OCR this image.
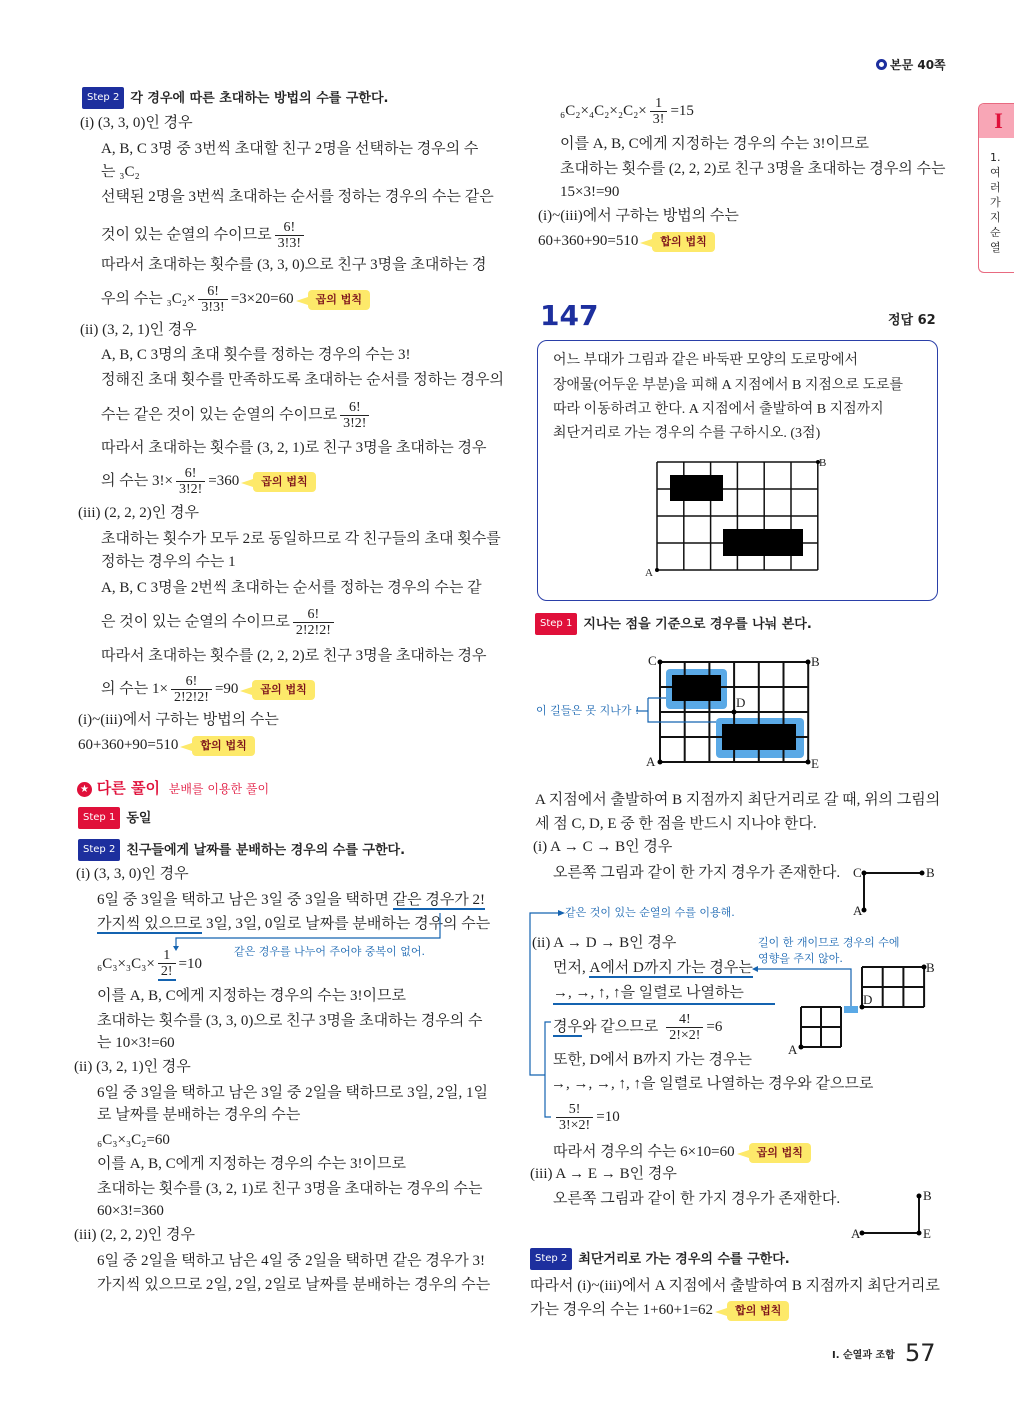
본문 40쪽
I
1. 여러 가지 순열
Step 2 각 경우에 따른 초대하는 방법의 수를 구한다.
(i) (3, 3, 0)인 경우
A, B, C 3명 중 3번씩 초대할 친구 2명을 선택하는 경우의 수
는 ₃C₂
선택된 2명을 3번씩 초대하는 순서를 정하는 경우의 수는 같은
것이 있는 순열의 수이므로 $\frac{6!}{3!3!}$
따라서 초대하는 횟수를 (3, 3, 0)으로 친구 3명을 초대하는 경
우의 수는 $_3C_2\times \frac{6!}{3!3!} =3\times 20=60$ 곱의 법칙
(ii) (3, 2, 1)인 경우
A, B, C 3명의 초대 횟수를 정하는 경우의 수는 3!
정해진 초대 횟수를 만족하도록 초대하는 순서를 정하는 경우의
수는 같은 것이 있는 순열의 수이므로 $\frac{6!}{3!2!}$
따라서 초대하는 횟수를 (3, 2, 1)로 친구 3명을 초대하는 경우
의 수는 $3!\times \frac{6!}{3!2!} =360$ 곱의 법칙
(iii) (2, 2, 2)인 경우
초대하는 횟수가 모두 2로 동일하므로 각 친구들의 초대 횟수를
정하는 경우의 수는 1
A, B, C 3명을 2번씩 초대하는 순서를 정하는 경우의 수는 같
은 것이 있는 순열의 수이므로 $\frac{6!}{2!2!2!}$
따라서 초대하는 횟수를 (2, 2, 2)로 친구 3명을 초대하는 경우
의 수는 $1\times \frac{6!}{2!2!2!} =90$ 곱의 법칙
(i)~(iii)에서 구하는 방법의 수는
60+360+90=510 합의 법칙
★ 다른 풀이 분배를 이용한 풀이
Step 1 동일
Step 2 친구들에게 날짜를 분배하는 경우의 수를 구한다.
(i) (3, 3, 0)인 경우
6일 중 3일을 택하고 남은 3일 중 3일을 택하면 같은 경우가 2!
가지씩 있으므로 3일, 3일, 0일로 날짜를 분배하는 경우의 수는
같은 경우를 나누어 주어야 중복이 없어.
$_6C_3\times_3C_3\times \frac{1}{2!} =10$
이를 A, B, C에게 지정하는 경우의 수는 3!이므로
초대하는 횟수를 (3, 3, 0)으로 친구 3명을 초대하는 경우의 수
는 10×3!=60
(ii) (3, 2, 1)인 경우
6일 중 3일을 택하고 남은 3일 중 2일을 택하므로 3일, 2일, 1일
로 날짜를 분배하는 경우의 수는
₆C₃×₃C₂=60
이를 A, B, C에게 지정하는 경우의 수는 3!이므로
초대하는 횟수를 (3, 2, 1)로 친구 3명을 초대하는 경우의 수는
60×3!=360
(iii) (2, 2, 2)인 경우
6일 중 2일을 택하고 남은 4일 중 2일을 택하면 같은 경우가 3!
가지씩 있으므로 2일, 2일, 2일로 날짜를 분배하는 경우의 수는
$_6C_2\times_4C_2\times_2C_2\times \frac{1}{3!} =15$
이를 A, B, C에게 지정하는 경우의 수는 3!이므로
초대하는 횟수를 (2, 2, 2)로 친구 3명을 초대하는 경우의 수는
15×3!=90
(i)~(iii)에서 구하는 방법의 수는
60+360+90=510 합의 법칙
147	정답 62
어느 부대가 그림과 같은 바둑판 모양의 도로망에서
장애물(어두운 부분)을 피해 A 지점에서 B 지점으로 도로를
따라 이동하려고 한다. A 지점에서 출발하여 B 지점까지
최단거리로 가는 경우의 수를 구하시오. (3점)
A
B
Step 1 지나는 점을 기준으로 경우를 나눠 본다.
C	B
D
A	E
이 길들은 못 지나가 !
A 지점에서 출발하여 B 지점까지 최단거리로 갈 때, 위의 그림의
세 점 C, D, E 중 한 점을 반드시 지나야 한다.
(i) A → C → B인 경우
오른쪽 그림과 같이 한 가지 경우가 존재한다. C	B
A
같은 것이 있는 순열의 수를 이용해.
(ii) A → D → B인 경우	길이 한 개이므로 경우의 수에
영향을 주지 않아.
먼저, A에서 D까지 가는 경우는
→, →, ↑, ↑을 일렬로 나열하는
경우와 같으므로 $\frac{4!}{2!\times 2!} =6$
또한, D에서 B까지 가는 경우는
→, →, →, ↑, ↑을 일렬로 나열하는 경우와 같으므로
$\frac{5!}{3!\times 2!} =10$
A
D
B
따라서 경우의 수는 6×10=60 곱의 법칙
(iii) A → E → B인 경우
오른쪽 그림과 같이 한 가지 경우가 존재한다.
A	E
B
Step 2 최단거리로 가는 경우의 수를 구한다.
따라서 (i)~(iii)에서 A 지점에서 출발하여 B 지점까지 최단거리로
가는 경우의 수는 1+60+1=62 합의 법칙
I. 순열과 조합 57
